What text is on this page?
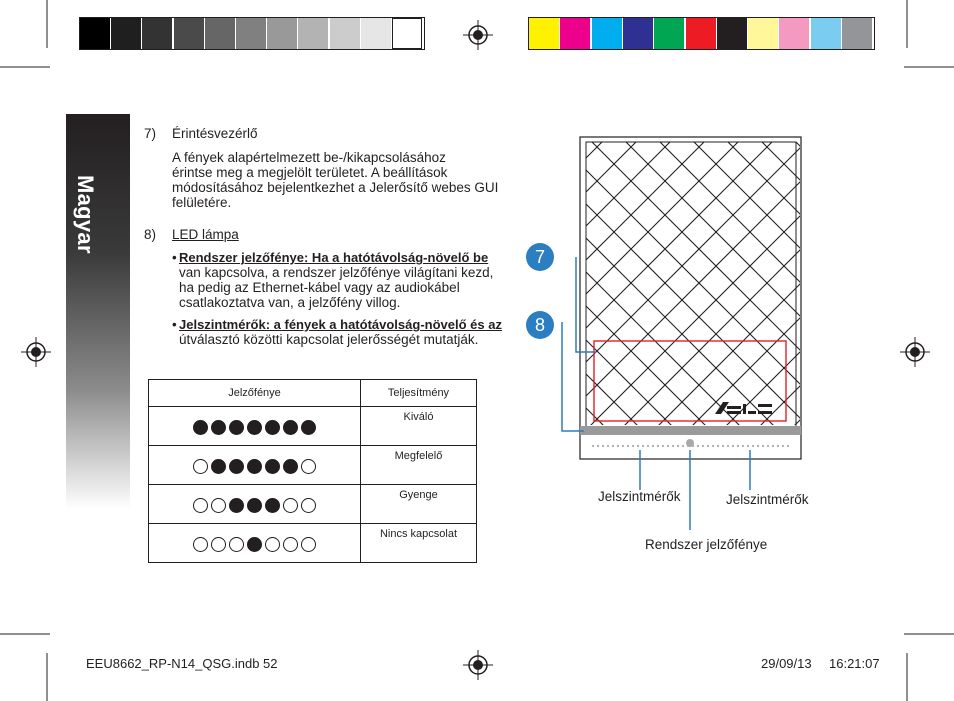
Magyar
7) Érintésvezérlő
A fények alapértelmezett be-/kikapcsolásához
érintse meg a megjelölt területet. A beállítások
módosításához bejelentkezhet a Jelerősítő webes GUI
felületére.
8) LED lámpa
• Rendszer jelzőfénye: Ha a hatótávolság-növelő be
van kapcsolva, a rendszer jelzőfénye világítani kezd,
ha pedig az Ethernet-kábel vagy az audiokábel
csatlakoztatva van, a jelzőfény villog.
• Jelszintmérők: a fények a hatótávolság-növelő és az
útválasztó közötti kapcsolat jelerősségét mutatják.
Jelzőfénye	Teljesítmény

	Kiváló

	Megfelelő

	Gyenge

	Nincs kapcsolat
7
8
Jelszintmérők	Jelszintmérők
Rendszer jelzőfénye
EEU8662_RP-N14_QSG.indb 52	29/09/13 16:21:07
